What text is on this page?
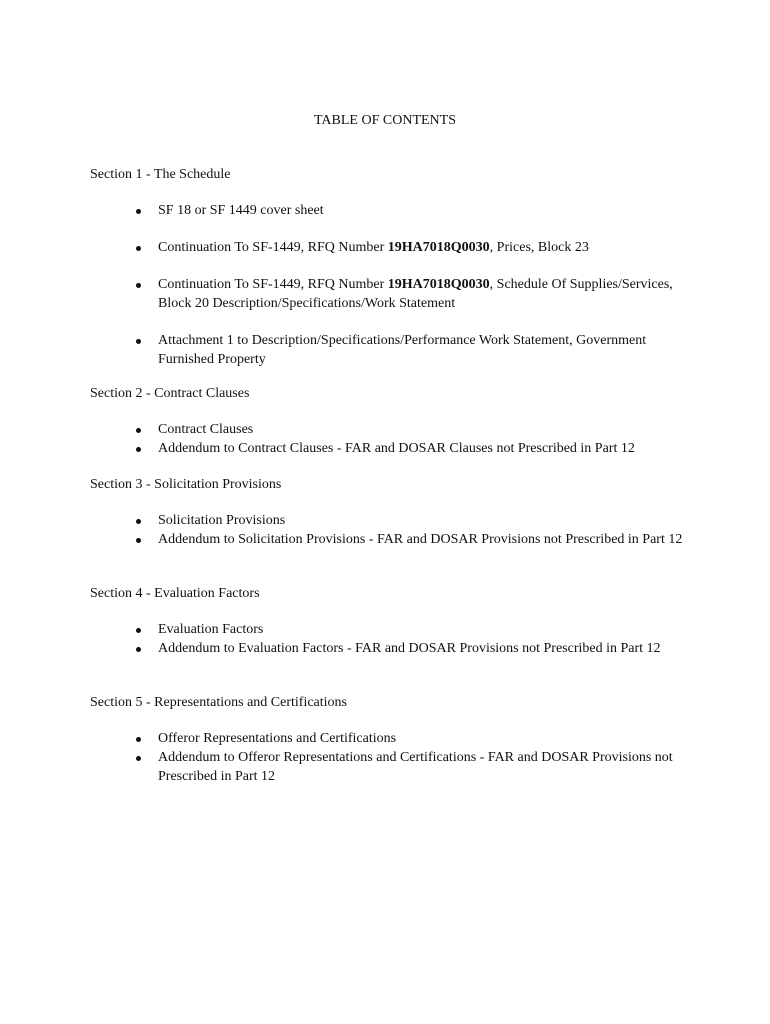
TABLE OF CONTENTS
Section 1 - The Schedule
SF 18 or SF 1449 cover sheet
Continuation To SF-1449, RFQ Number 19HA7018Q0030, Prices, Block 23
Continuation To SF-1449, RFQ Number 19HA7018Q0030, Schedule Of Supplies/Services, Block 20 Description/Specifications/Work Statement
Attachment 1 to Description/Specifications/Performance Work Statement, Government Furnished Property
Section 2 - Contract Clauses
Contract Clauses
Addendum to Contract Clauses - FAR and DOSAR Clauses not Prescribed in Part 12
Section 3 - Solicitation Provisions
Solicitation Provisions
Addendum to Solicitation Provisions - FAR and DOSAR Provisions not Prescribed in Part 12
Section 4 - Evaluation Factors
Evaluation Factors
Addendum to Evaluation Factors - FAR and DOSAR Provisions not Prescribed in Part 12
Section 5 - Representations and Certifications
Offeror Representations and Certifications
Addendum to Offeror Representations and Certifications - FAR and DOSAR Provisions not Prescribed in Part 12
